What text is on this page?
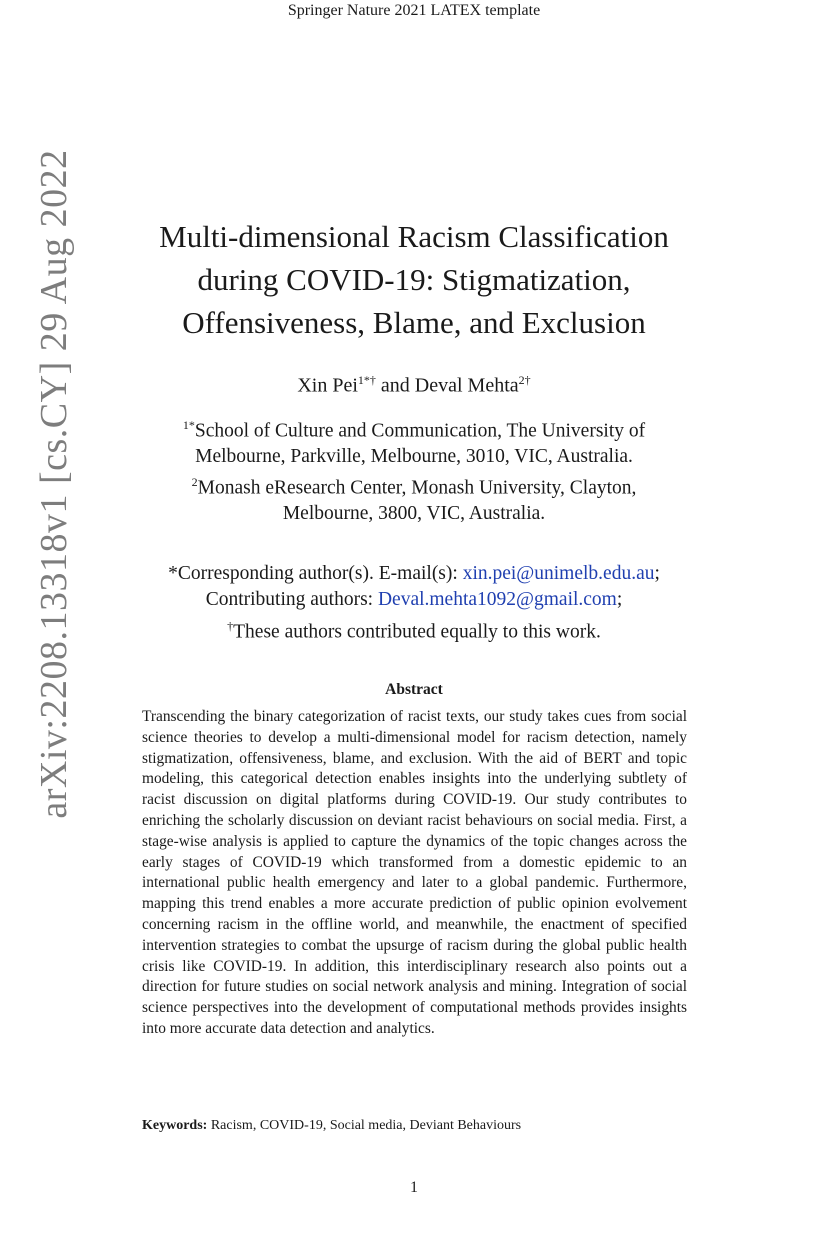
Springer Nature 2021 LATEX template
arXiv:2208.13318v1 [cs.CY] 29 Aug 2022	Multi-dimensional Racism Classification
during COVID-19: Stigmatization,
Offensiveness, Blame, and Exclusion
Xin Pei$^{1*\dagger}$ and Deval Mehta$^{2\dagger}$
$^{1*}$School of Culture and Communication, The University of
Melbourne, Parkville, Melbourne, 3010, VIC, Australia.
$^2$Monash eResearch Center, Monash University, Clayton,
Melbourne, 3800, VIC, Australia.
*Corresponding author(s). E-mail(s): xin.pei@unimelb.edu.au;
Contributing authors: Deval.mehta1092@gmail.com;
†These authors contributed equally to this work.
Abstract
Transcending the binary categorization of racist texts, our study takes cues from social science theories to develop a multi-dimensional model for racism detection, namely stigmatization, offensiveness, blame, and exclusion. With the aid of BERT and topic modeling, this categorical detection enables insights into the underlying subtlety of racist discussion on digital platforms during COVID-19. Our study contributes to enriching the scholarly discussion on deviant racist behaviours on social media. First, a stage-wise analysis is applied to capture the dynamics of the topic changes across the early stages of COVID-19 which transformed from a domestic epidemic to an international public health emergency and later to a global pandemic. Furthermore, mapping this trend enables a more accurate prediction of public opinion evolvement concerning racism in the offline world, and meanwhile, the enactment of specified intervention strategies to combat the upsurge of racism during the global public health crisis like COVID-19. In addition, this interdisciplinary research also points out a direction for future studies on social network analysis and mining. Integration of social science perspectives into the development of computational methods provides insights into more accurate data detection and analytics.
Keywords: Racism, COVID-19, Social media, Deviant Behaviours
1
